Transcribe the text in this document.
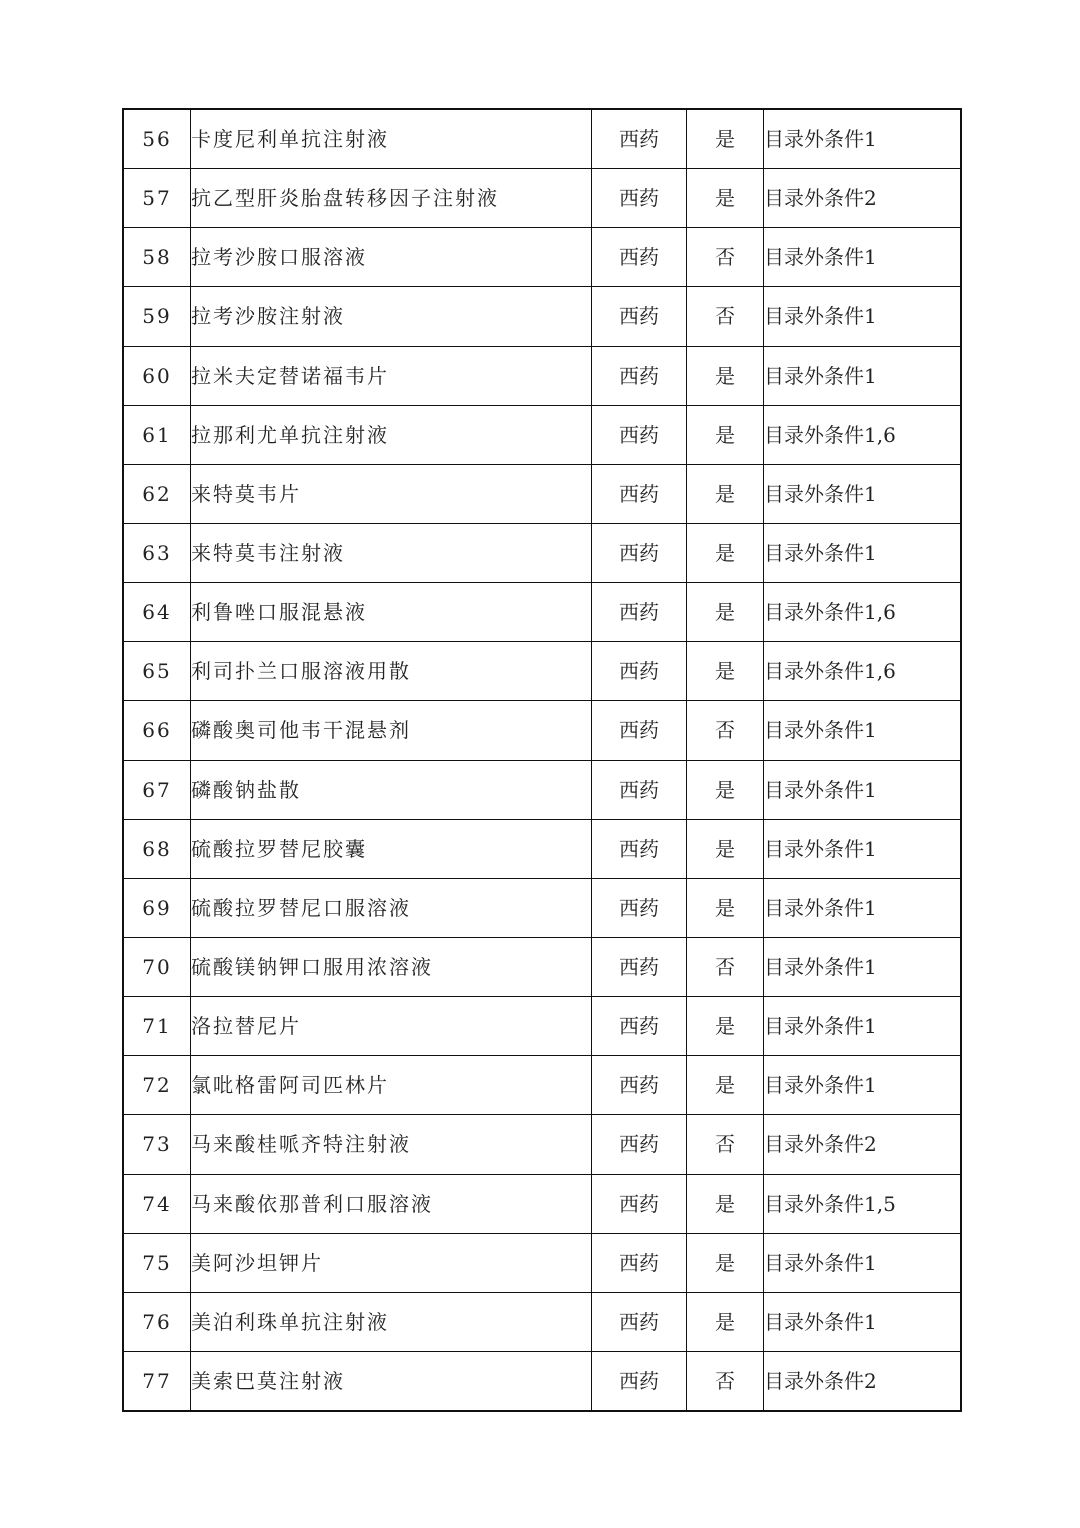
56	卡度尼利单抗注射液	西药	是	目录外条件1
57	抗乙型肝炎胎盘转移因子注射液	西药	是	目录外条件2
58	拉考沙胺口服溶液	西药	否	目录外条件1
59	拉考沙胺注射液	西药	否	目录外条件1
60	拉米夫定替诺福韦片	西药	是	目录外条件1
61	拉那利尤单抗注射液	西药	是	目录外条件1,6
62	来特莫韦片	西药	是	目录外条件1
63	来特莫韦注射液	西药	是	目录外条件1
64	利鲁唑口服混悬液	西药	是	目录外条件1,6
65	利司扑兰口服溶液用散	西药	是	目录外条件1,6
66	磷酸奥司他韦干混悬剂	西药	否	目录外条件1
67	磷酸钠盐散	西药	是	目录外条件1
68	硫酸拉罗替尼胶囊	西药	是	目录外条件1
69	硫酸拉罗替尼口服溶液	西药	是	目录外条件1
70	硫酸镁钠钾口服用浓溶液	西药	否	目录外条件1
71	洛拉替尼片	西药	是	目录外条件1
72	氯吡格雷阿司匹林片	西药	是	目录外条件1
73	马来酸桂哌齐特注射液	西药	否	目录外条件2
74	马来酸依那普利口服溶液	西药	是	目录外条件1,5
75	美阿沙坦钾片	西药	是	目录外条件1
76	美泊利珠单抗注射液	西药	是	目录外条件1
77	美索巴莫注射液	西药	否	目录外条件2
